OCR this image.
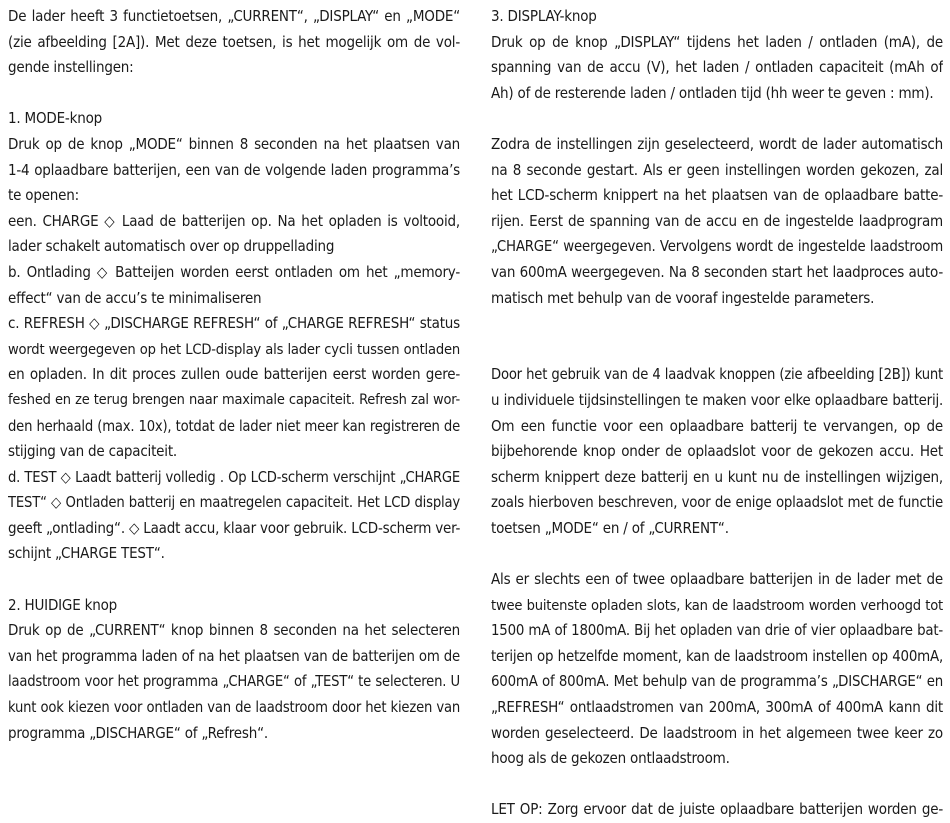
De lader heeft 3 functietoetsen, „CURRENT“, „DISPLAY“ en „MODE“
(zie afbeelding [2A]). Met deze toetsen, is het mogelijk om de vol-
gende instellingen:
1. MODE-knop
Druk op de knop „MODE“ binnen 8 seconden na het plaatsen van
1-4 oplaadbare batterijen, een van de volgende laden programma’s
te openen:
een. CHARGE ◇ Laad de batterijen op. Na het opladen is voltooid,
lader schakelt automatisch over op druppellading
b. Ontlading ◇ Batteijen worden eerst ontladen om het „memory-
effect“ van de accu’s te minimaliseren
c. REFRESH ◇ „DISCHARGE REFRESH“ of „CHARGE REFRESH“ status
wordt weergegeven op het LCD-display als lader cycli tussen ontladen
en opladen. In dit proces zullen oude batterijen eerst worden gere-
feshed en ze terug brengen naar maximale capaciteit. Refresh zal wor-
den herhaald (max. 10x), totdat de lader niet meer kan registreren de
stijging van de capaciteit.
d. TEST ◇ Laadt batterij volledig . Op LCD-scherm verschijnt „CHARGE
TEST“ ◇ Ontladen batterij en maatregelen capaciteit. Het LCD display
geeft „ontlading“. ◇ Laadt accu, klaar voor gebruik. LCD-scherm ver-
schijnt „CHARGE TEST“.
2. HUIDIGE knop
Druk op de „CURRENT“ knop binnen 8 seconden na het selecteren
van het programma laden of na het plaatsen van de batterijen om de
laadstroom voor het programma „CHARGE“ of „TEST“ te selecteren. U
kunt ook kiezen voor ontladen van de laadstroom door het kiezen van
programma „DISCHARGE“ of „Refresh“.
3. DISPLAY-knop
Druk op de knop „DISPLAY“ tijdens het laden / ontladen (mA), de
spanning van de accu (V), het laden / ontladen capaciteit (mAh of
Ah) of de resterende laden / ontladen tijd (hh weer te geven : mm).
Zodra de instellingen zijn geselecteerd, wordt de lader automatisch
na 8 seconde gestart. Als er geen instellingen worden gekozen, zal
het LCD-scherm knippert na het plaatsen van de oplaadbare batte-
rijen. Eerst de spanning van de accu en de ingestelde laadprogram
„CHARGE“ weergegeven. Vervolgens wordt de ingestelde laadstroom
van 600mA weergegeven. Na 8 seconden start het laadproces auto-
matisch met behulp van de vooraf ingestelde parameters.
Door het gebruik van de 4 laadvak knoppen (zie afbeelding [2B]) kunt
u individuele tijdsinstellingen te maken voor elke oplaadbare batterij.
Om een functie voor een oplaadbare batterij te vervangen, op de
bijbehorende knop onder de oplaadslot voor de gekozen accu. Het
scherm knippert deze batterij en u kunt nu de instellingen wijzigen,
zoals hierboven beschreven, voor de enige oplaadslot met de functie
toetsen „MODE“ en / of „CURRENT“.
Als er slechts een of twee oplaadbare batterijen in de lader met de
twee buitenste opladen slots, kan de laadstroom worden verhoogd tot
1500 mA of 1800mA. Bij het opladen van drie of vier oplaadbare bat-
terijen op hetzelfde moment, kan de laadstroom instellen op 400mA,
600mA of 800mA. Met behulp van de programma’s „DISCHARGE“ en
„REFRESH“ ontlaadstromen van 200mA, 300mA of 400mA kann dit
worden geselecteerd. De laadstroom in het algemeen twee keer zo
hoog als de gekozen ontlaadstroom.
LET OP: Zorg ervoor dat de juiste oplaadbare batterijen worden ge-
